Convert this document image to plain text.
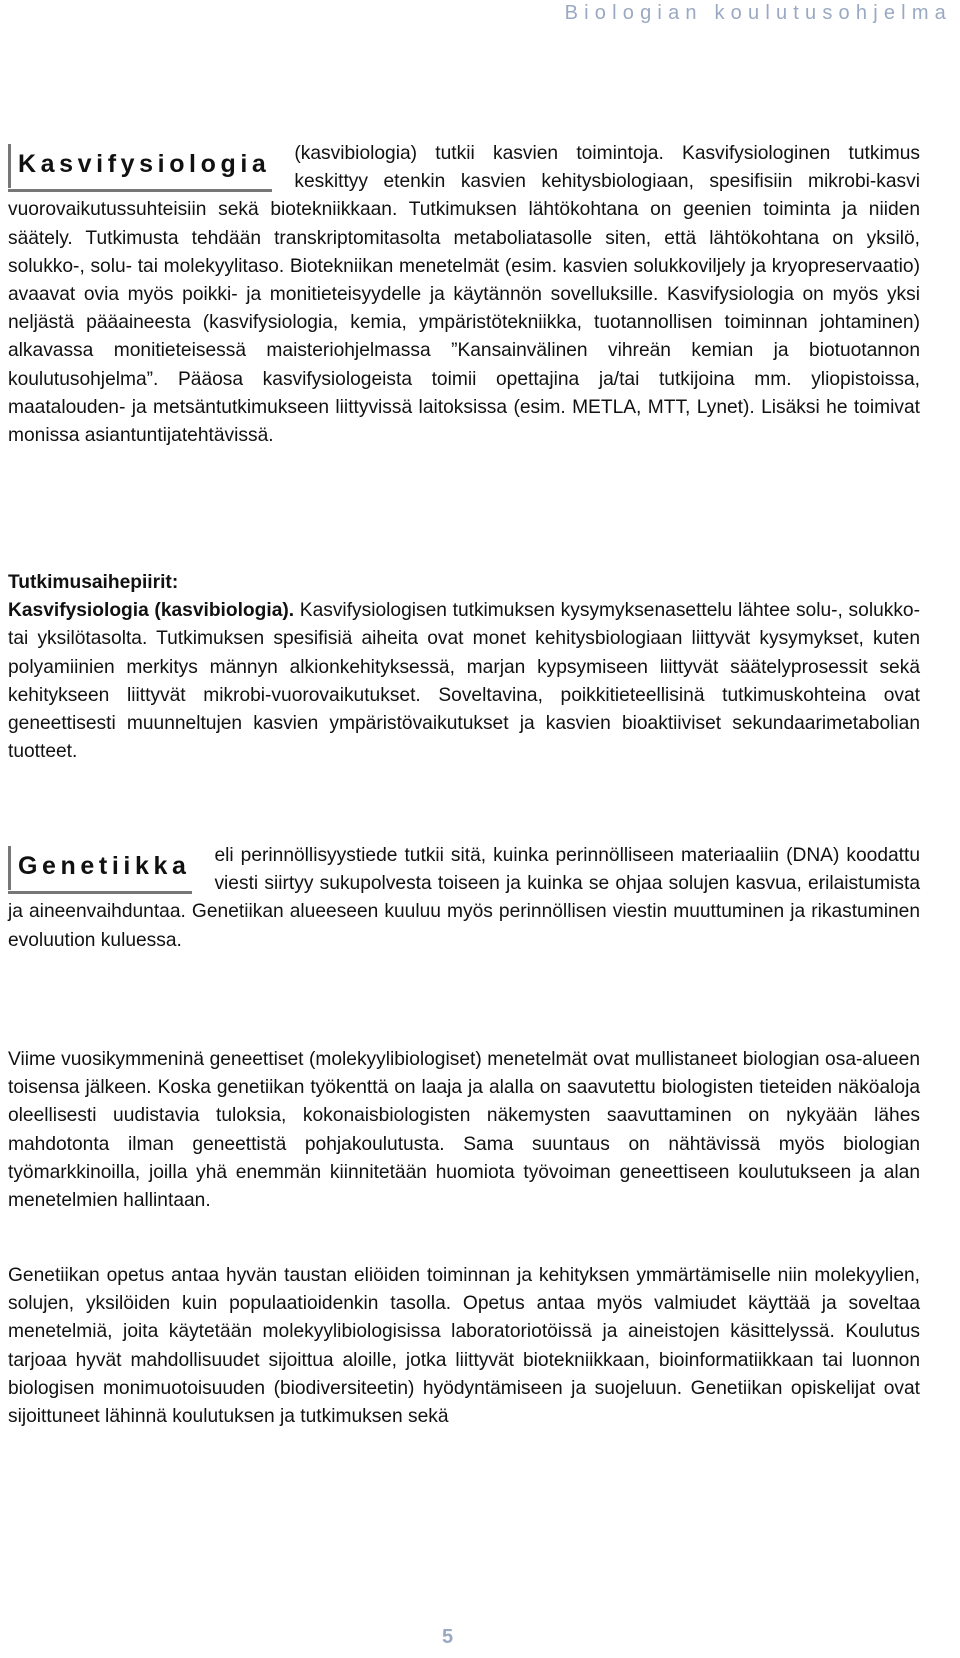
Biologian koulutusohjelma
Kasvifysiologia	(kasvibiologia) tutkii kasvien toimintoja. Kasvifysiologinen tutkimus keskittyy etenkin kasvien kehitysbiologiaan, spesifisiin mikrobi-kasvi vuorovaikutussuhteisiin sekä biotekniikkaan. Tutkimuksen lähtökohtana on geenien toiminta ja niiden säätely. Tutkimusta tehdään transkriptomitasolta metaboliatasolle siten, että lähtökohtana on yksilö, solukko-, solu- tai molekyylitaso. Biotekniikan menetelmät (esim. kasvien solukkoviljely ja kryopreservaatio) avaavat ovia myös poikki- ja monitieteisyydelle ja käytännön sovelluksille. Kasvifysiologia on myös yksi neljästä pääaineesta (kasvifysiologia, kemia, ympäristötekniikka, tuotannollisen toiminnan johtaminen) alkavassa monitieteisessä maisteriohjelmassa ”Kansainvälinen vihreän kemian ja biotuotannon koulutusohjelma”. Pääosa kasvifysiologeista toimii opettajina ja/tai tutkijoina mm. yliopistoissa, maatalouden- ja metsäntutkimukseen liittyvissä laitoksissa (esim. METLA, MTT, Lynet). Lisäksi he toimivat monissa asiantuntijatehtävissä.

Tutkimusaihepiirit:

Kasvifysiologia (kasvibiologia). Kasvifysiologisen tutkimuksen kysymyksenasettelu lähtee solu-, solukko- tai yksilötasolta. Tutkimuksen spesifisiä aiheita ovat monet kehitysbiologiaan liittyvät kysymykset, kuten polyamiinien merkitys männyn alkionkehityksessä, marjan kypsymiseen liittyvät säätelyprosessit sekä kehitykseen liittyvät mikrobi-vuorovaikutukset. Soveltavina, poikkitieteellisinä tutkimuskohteina ovat geneettisesti muunneltujen kasvien ympäristövaikutukset ja kasvien bioaktiiviset sekundaarimetabolian tuotteet.

Genetiikka	eli perinnöllisyystiede tutkii sitä, kuinka perinnölliseen materiaaliin (DNA) koodattu viesti siirtyy sukupolvesta toiseen ja kuinka se ohjaa solujen kasvua, erilaistumista ja aineenvaihduntaa. Genetiikan alueeseen kuuluu myös perinnöllisen viestin muuttuminen ja rikastuminen evoluution kuluessa.

Viime vuosikymmeninä geneettiset (molekyylibiologiset) menetelmät ovat mullistaneet biologian osa-alueen toisensa jälkeen. Koska genetiikan työkenttä on laaja ja alalla on saavutettu biologisten tieteiden näköaloja oleellisesti uudistavia tuloksia, kokonaisbiologisten näkemysten saavuttaminen on nykyään lähes mahdotonta ilman geneettistä pohjakoulutusta. Sama suuntaus on nähtävissä myös biologian työmarkkinoilla, joilla yhä enemmän kiinnitetään huomiota työvoiman geneettiseen koulutukseen ja alan menetelmien hallintaan.

Genetiikan opetus antaa hyvän taustan eliöiden toiminnan ja kehityksen ymmärtämiselle niin molekyylien, solujen, yksilöiden kuin populaatioidenkin tasolla. Opetus antaa myös valmiudet käyttää ja soveltaa menetelmiä, joita käytetään molekyylibiologisissa laboratoriotöissä ja aineistojen käsittelyssä. Koulutus tarjoaa hyvät mahdollisuudet sijoittua aloille, jotka liittyvät biotekniikkaan, bioinformatiikkaan tai luonnon biologisen monimuotoisuuden (biodiversiteetin) hyödyntämiseen ja suojeluun. Genetiikan opiskelijat ovat sijoittuneet lähinnä koulutuksen ja tutkimuksen sekä

5
